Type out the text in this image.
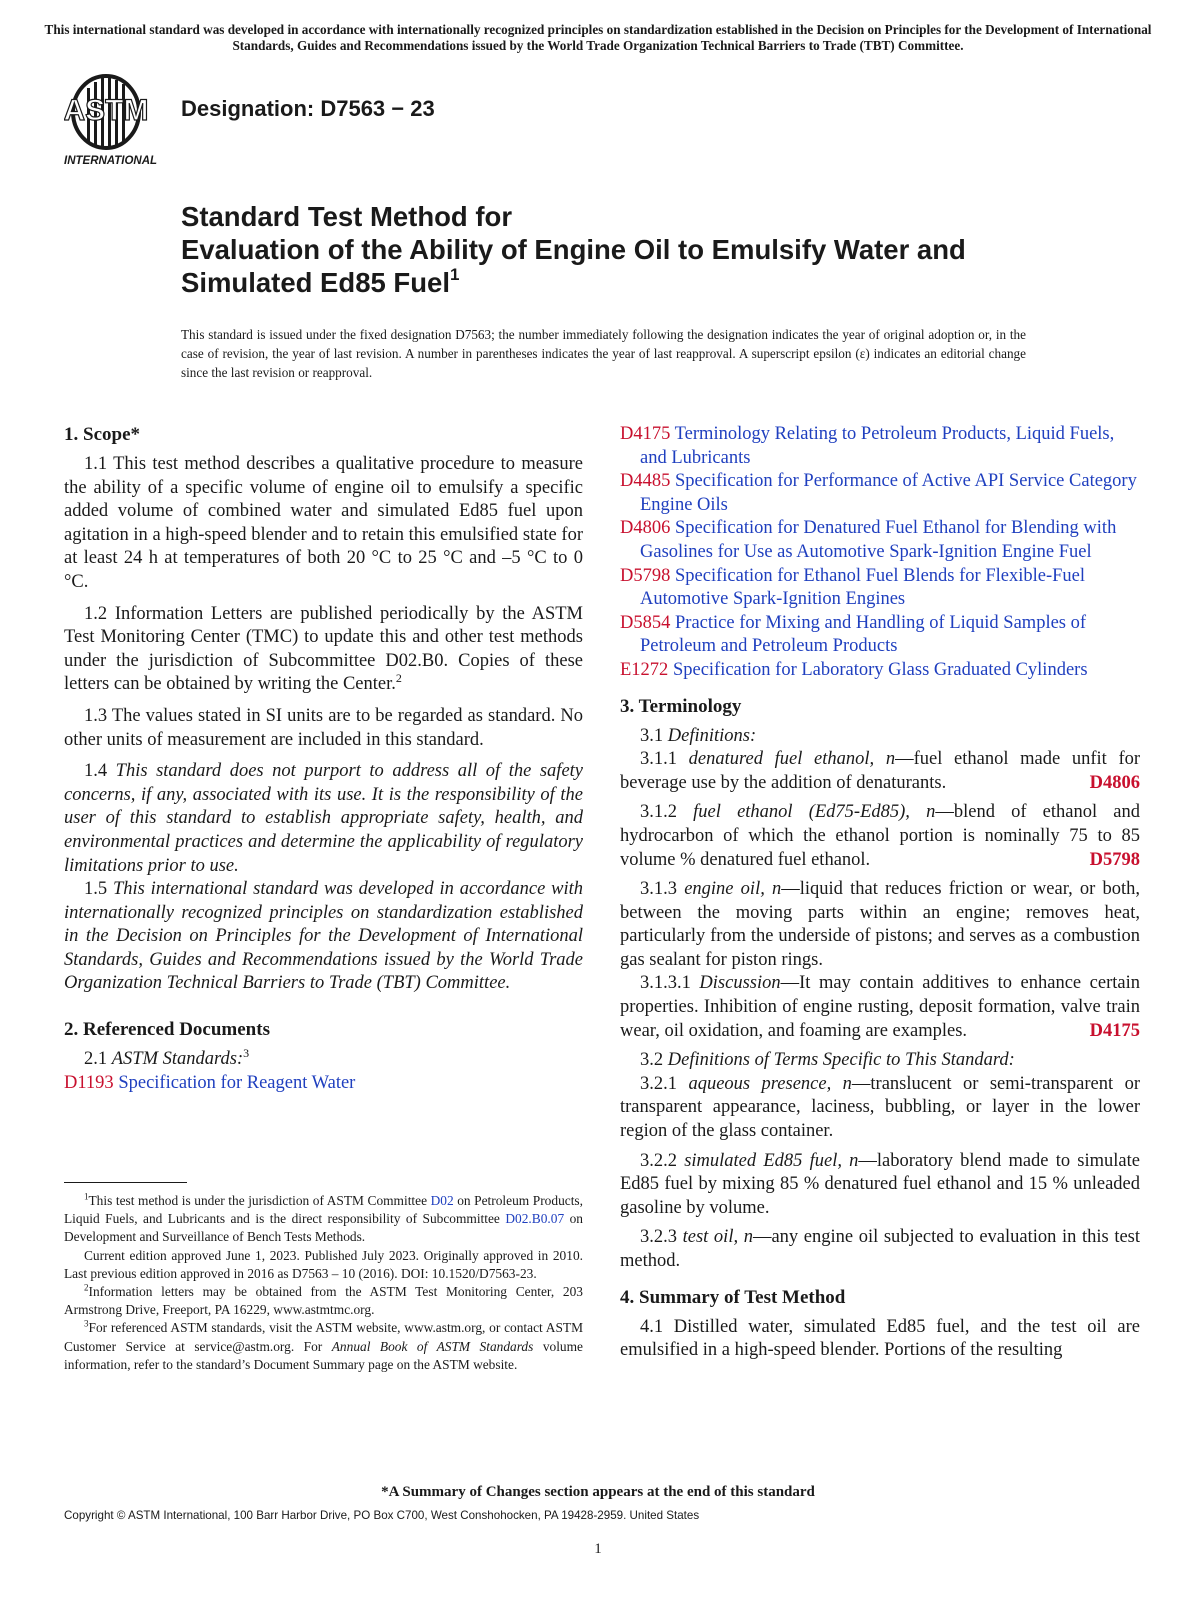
This international standard was developed in accordance with internationally recognized principles on standardization established in the Decision on Principles for the Development of International Standards, Guides and Recommendations issued by the World Trade Organization Technical Barriers to Trade (TBT) Committee.
ASTM
INTERNATIONAL
Designation: D7563 − 23
Standard Test Method for
Evaluation of the Ability of Engine Oil to Emulsify Water and Simulated Ed85 Fuel$^1$
This standard is issued under the fixed designation D7563; the number immediately following the designation indicates the year of original adoption or, in the case of revision, the year of last revision. A number in parentheses indicates the year of last reapproval. A superscript epsilon (ε) indicates an editorial change since the last revision or reapproval.
1. Scope*

1.1 This test method describes a qualitative procedure to measure the ability of a specific volume of engine oil to emulsify a specific added volume of combined water and simulated Ed85 fuel upon agitation in a high-speed blender and to retain this emulsified state for at least 24 h at temperatures of both 20 °C to 25 °C and –5 °C to 0 °C.

1.2 Information Letters are published periodically by the ASTM Test Monitoring Center (TMC) to update this and other test methods under the jurisdiction of Subcommittee D02.B0. Copies of these letters can be obtained by writing the Center.$^2$

1.3 The values stated in SI units are to be regarded as standard. No other units of measurement are included in this standard.

1.4 This standard does not purport to address all of the safety concerns, if any, associated with its use. It is the responsibility of the user of this standard to establish appropriate safety, health, and environmental practices and determine the applicability of regulatory limitations prior to use.

1.5 This international standard was developed in accordance with internationally recognized principles on standardization established in the Decision on Principles for the Development of International Standards, Guides and Recommendations issued by the World Trade Organization Technical Barriers to Trade (TBT) Committee.

2. Referenced Documents

2.1 ASTM Standards:$^3$

D1193 Specification for Reagent Water

D4175 Terminology Relating to Petroleum Products, Liquid Fuels, and Lubricants

D4485 Specification for Performance of Active API Service Category Engine Oils

D4806 Specification for Denatured Fuel Ethanol for Blending with Gasolines for Use as Automotive Spark-Ignition Engine Fuel

D5798 Specification for Ethanol Fuel Blends for Flexible-Fuel Automotive Spark-Ignition Engines

D5854 Practice for Mixing and Handling of Liquid Samples of Petroleum and Petroleum Products

E1272 Specification for Laboratory Glass Graduated Cylinders

3. Terminology

3.1 Definitions:

3.1.1 denatured fuel ethanol, n—fuel ethanol made unfit for beverage use by the addition of denaturants.	D4806

3.1.2 fuel ethanol (Ed75-Ed85), n—blend of ethanol and hydrocarbon of which the ethanol portion is nominally 75 to 85 volume % denatured fuel ethanol.	D5798

3.1.3 engine oil, n—liquid that reduces friction or wear, or both, between the moving parts within an engine; removes heat, particularly from the underside of pistons; and serves as a combustion gas sealant for piston rings.

3.1.3.1 Discussion—It may contain additives to enhance certain properties. Inhibition of engine rusting, deposit formation, valve train wear, oil oxidation, and foaming are examples.	D4175

3.2 Definitions of Terms Specific to This Standard:

3.2.1 aqueous presence, n—translucent or semi-transparent or transparent appearance, laciness, bubbling, or layer in the lower region of the glass container.

3.2.2 simulated Ed85 fuel, n—laboratory blend made to simulate Ed85 fuel by mixing 85 % denatured fuel ethanol and 15 % unleaded gasoline by volume.

3.2.3 test oil, n—any engine oil subjected to evaluation in this test method.

4. Summary of Test Method

4.1 Distilled water, simulated Ed85 fuel, and the test oil are emulsified in a high-speed blender. Portions of the resulting

$^1$This test method is under the jurisdiction of ASTM Committee D02 on Petroleum Products, Liquid Fuels, and Lubricants and is the direct responsibility of Subcommittee D02.B0.07 on Development and Surveillance of Bench Tests Methods.

Current edition approved June 1, 2023. Published July 2023. Originally approved in 2010. Last previous edition approved in 2016 as D7563 – 10 (2016). DOI: 10.1520/D7563-23.

$^2$Information letters may be obtained from the ASTM Test Monitoring Center, 203 Armstrong Drive, Freeport, PA 16229, www.astmtmc.org.

$^3$For referenced ASTM standards, visit the ASTM website, www.astm.org, or contact ASTM Customer Service at service@astm.org. For Annual Book of ASTM Standards volume information, refer to the standard’s Document Summary page on the ASTM website.

*A Summary of Changes section appears at the end of this standard
Copyright © ASTM International, 100 Barr Harbor Drive, PO Box C700, West Conshohocken, PA 19428-2959. United States
1
